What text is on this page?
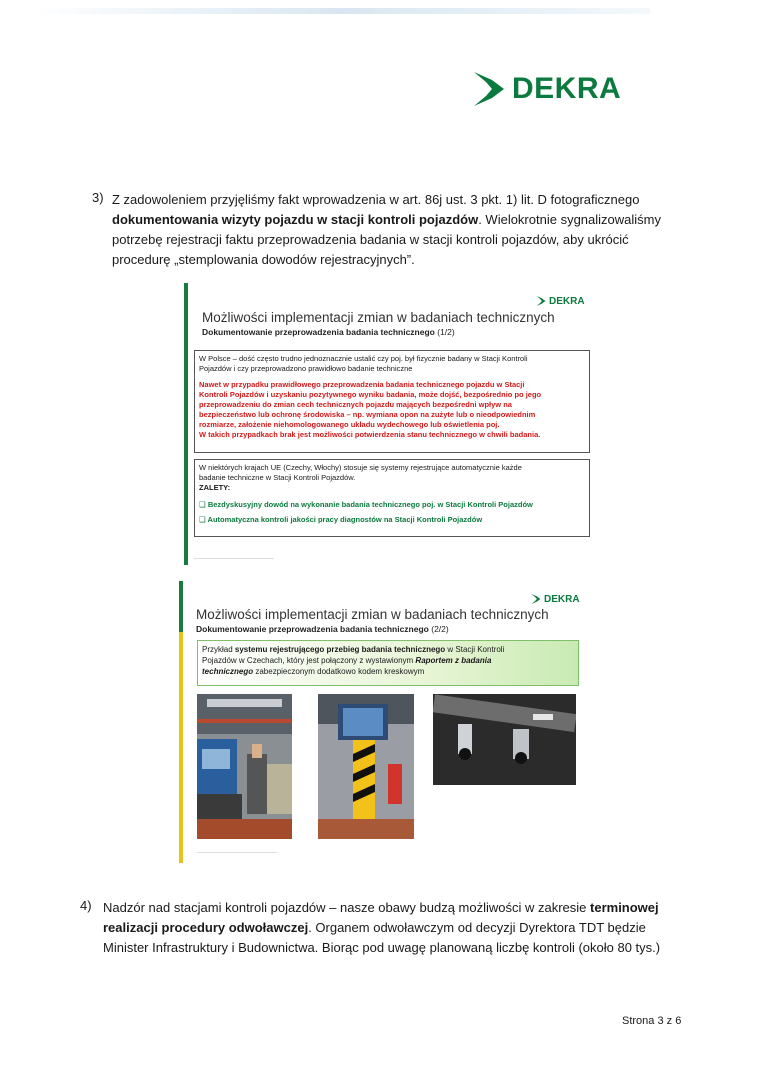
DEKRA
3) Z zadowoleniem przyjęliśmy fakt wprowadzenia w art. 86j ust. 3 pkt. 1) lit. D fotograficznego
dokumentowania wizyty pojazdu w stacji kontroli pojazdów. Wielokrotnie sygnalizowaliśmy
potrzebę rejestracji faktu przeprowadzenia badania w stacji kontroli pojazdów, aby ukrócić
procedurę „stemplowania dowodów rejestracyjnych”.
DEKRA
Możliwości implementacji zmian w badaniach technicznych
Dokumentowanie przeprowadzenia badania technicznego (1/2)
W Polsce – dość często trudno jednoznacznie ustalić czy poj. był fizycznie badany w Stacji Kontroli
Pojazdów i czy przeprowadzono prawidłowo badanie techniczne
Nawet w przypadku prawidłowego przeprowadzenia badania technicznego pojazdu w Stacji
Kontroli Pojazdów i uzyskaniu pozytywnego wyniku badania, może dojść, bezpośrednio po jego
przeprowadzeniu do zmian cech technicznych pojazdu mających bezpośredni wpływ na
bezpieczeństwo lub ochronę środowiska – np. wymiana opon na zużyte lub o nieodpowiednim
rozmiarze, założenie niehomologowanego układu wydechowego lub oświetlenia poj.
W takich przypadkach brak jest możliwości potwierdzenia stanu technicznego w chwili badania.
W niektórych krajach UE (Czechy, Włochy) stosuje się systemy rejestrujące automatycznie każde
badanie techniczne w Stacji Kontroli Pojazdów.
ZALETY:
❑ Bezdyskusyjny dowód na wykonanie badania technicznego poj. w Stacji Kontroli Pojazdów
❑ Automatyczna kontroli jakości pracy diagnostów na Stacji Kontroli Pojazdów
DEKRA
Możliwości implementacji zmian w badaniach technicznych
Dokumentowanie przeprowadzenia badania technicznego (2/2)
Przykład systemu rejestrującego przebieg badania technicznego w Stacji Kontroli
Pojazdów w Czechach, który jest połączony z wystawionym Raportem z badania
technicznego zabezpieczonym dodatkowo kodem kreskowym
4) Nadzór nad stacjami kontroli pojazdów – nasze obawy budzą możliwości w zakresie terminowej
realizacji procedury odwoławczej. Organem odwoławczym od decyzji Dyrektora TDT będzie
Minister Infrastruktury i Budownictwa. Biorąc pod uwagę planowaną liczbę kontroli (około 80 tys.)
Strona 3 z 6
